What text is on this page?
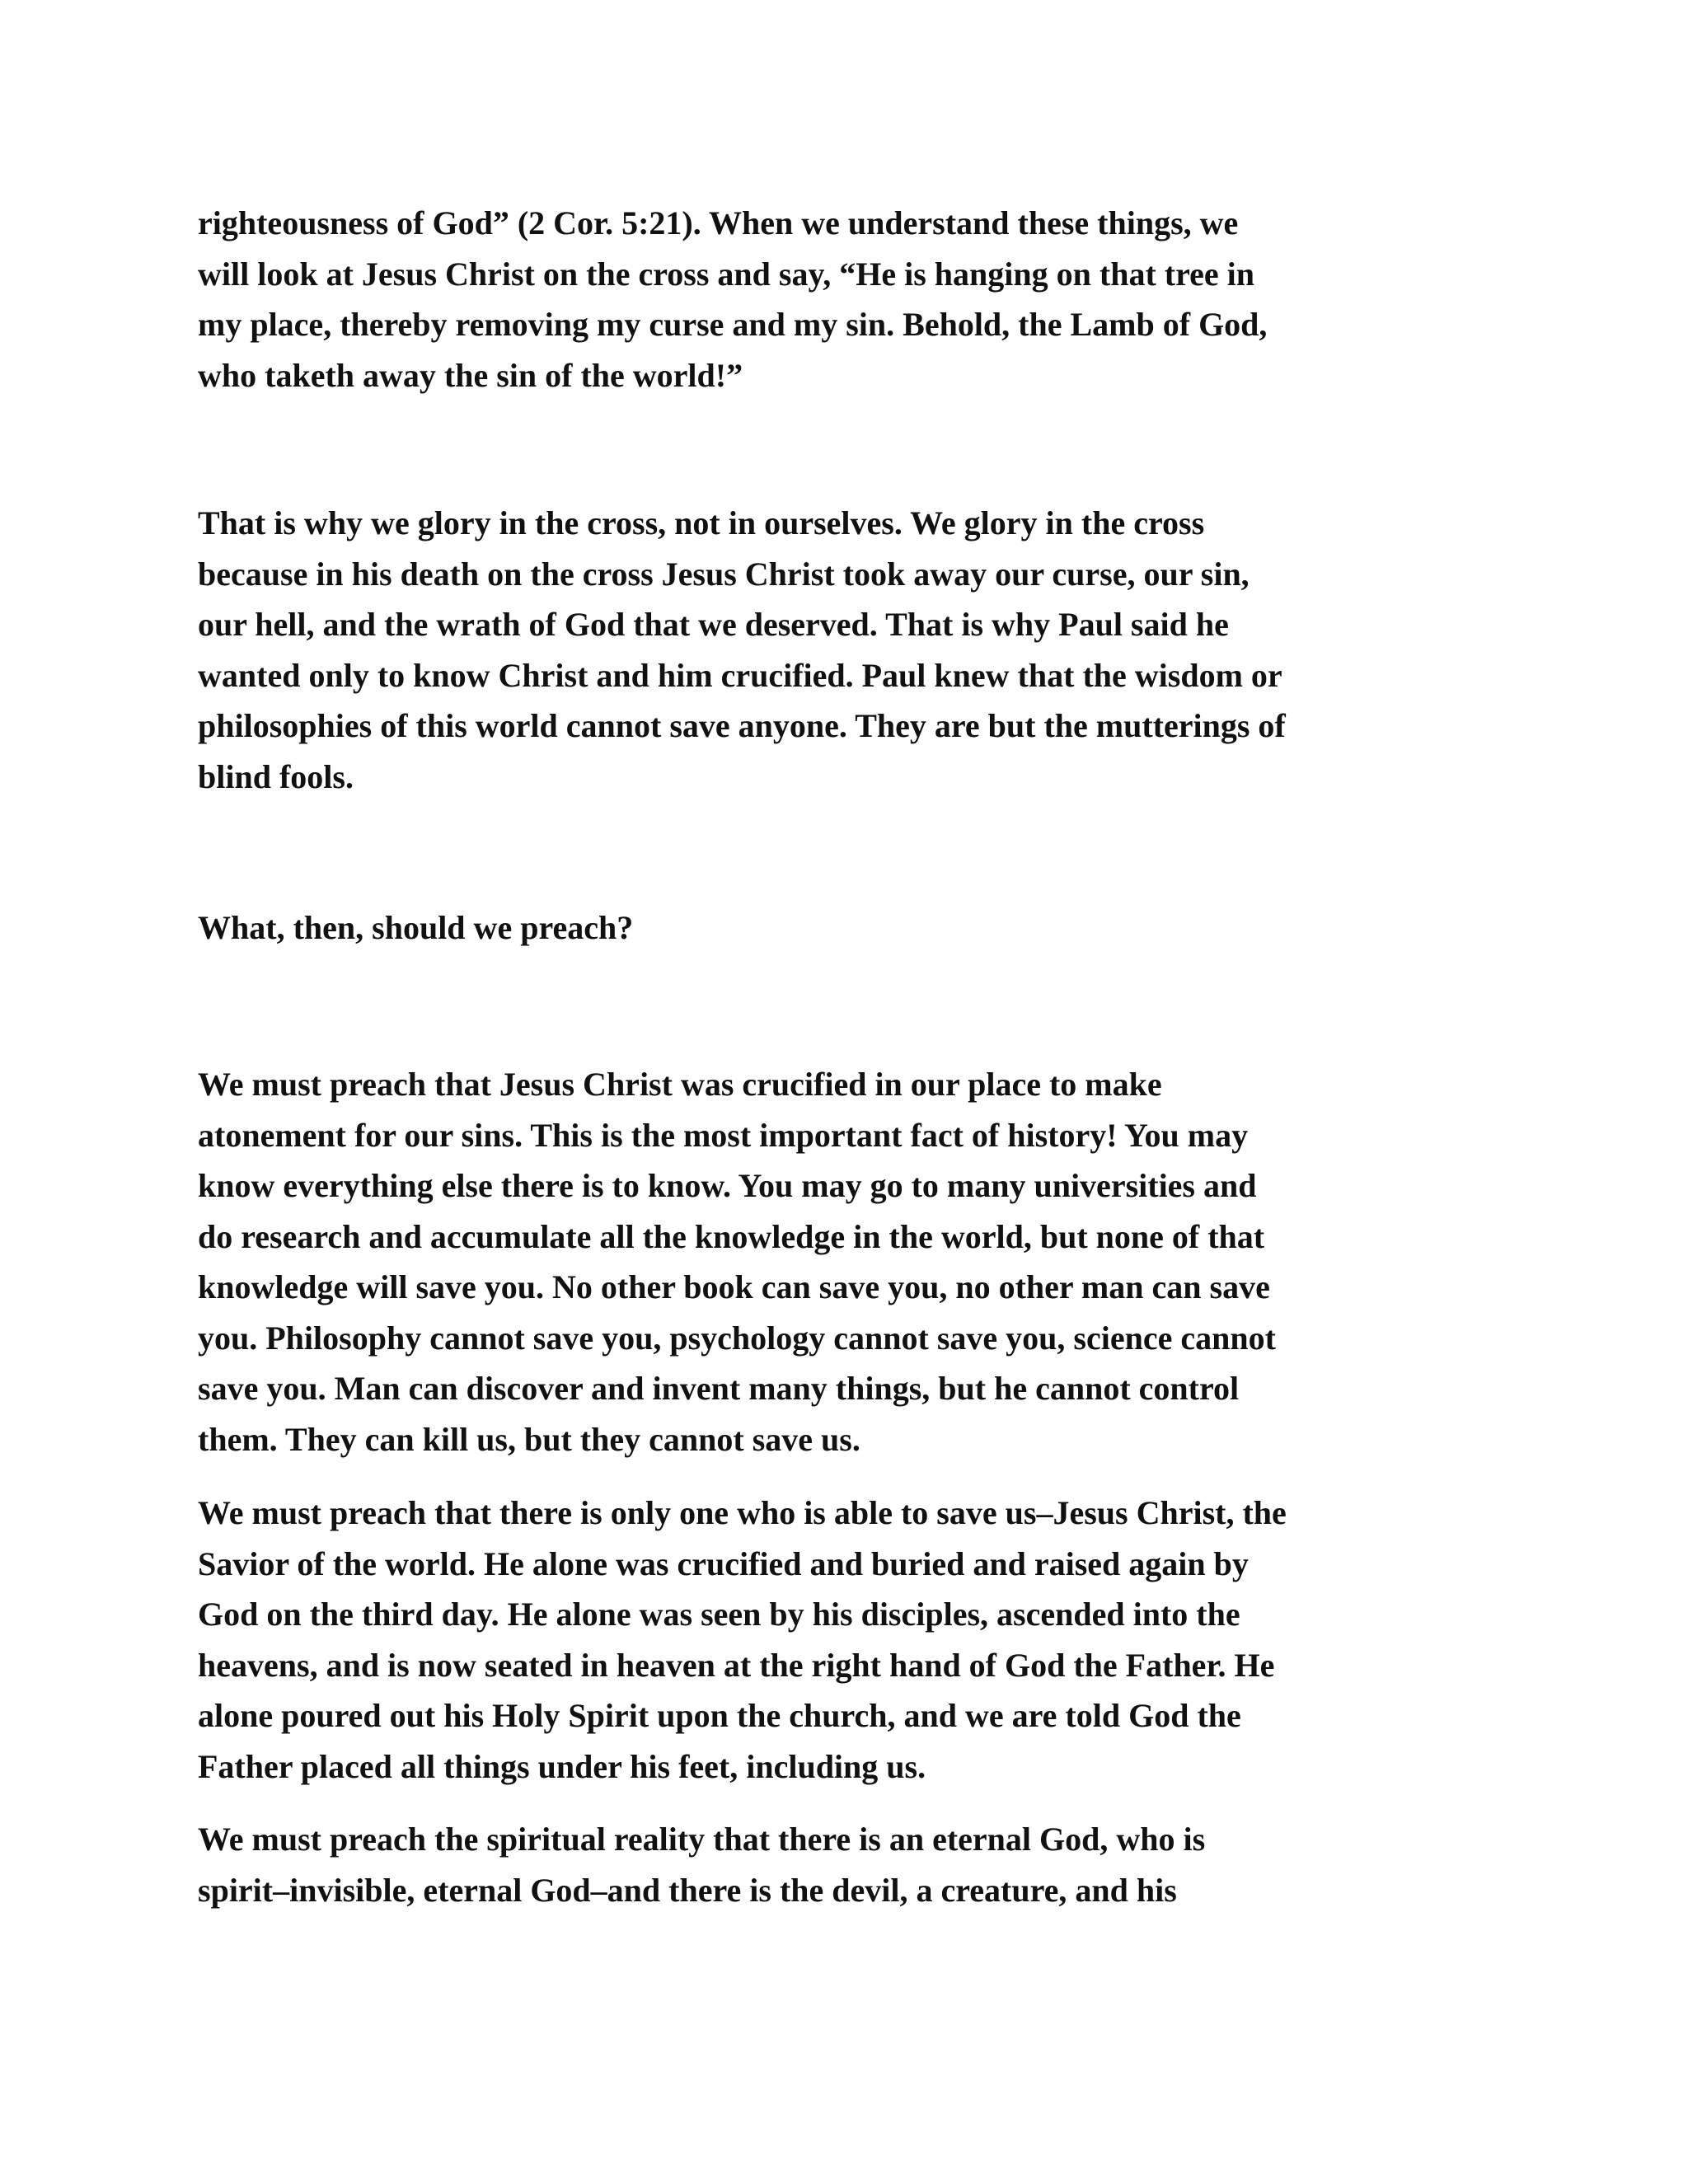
righteousness of God” (2 Cor. 5:21). When we understand these things, we
will look at Jesus Christ on the cross and say, “He is hanging on that tree in
my place, thereby removing my curse and my sin. Behold, the Lamb of God,
who taketh away the sin of the world!”

That is why we glory in the cross, not in ourselves. We glory in the cross
because in his death on the cross Jesus Christ took away our curse, our sin,
our hell, and the wrath of God that we deserved. That is why Paul said he
wanted only to know Christ and him crucified. Paul knew that the wisdom or
philosophies of this world cannot save anyone. They are but the mutterings of
blind fools.

What, then, should we preach?

We must preach that Jesus Christ was crucified in our place to make
atonement for our sins. This is the most important fact of history! You may
know everything else there is to know. You may go to many universities and
do research and accumulate all the knowledge in the world, but none of that
knowledge will save you. No other book can save you, no other man can save
you. Philosophy cannot save you, psychology cannot save you, science cannot
save you. Man can discover and invent many things, but he cannot control
them. They can kill us, but they cannot save us.

We must preach that there is only one who is able to save us–Jesus Christ, the
Savior of the world. He alone was crucified and buried and raised again by
God on the third day. He alone was seen by his disciples, ascended into the
heavens, and is now seated in heaven at the right hand of God the Father. He
alone poured out his Holy Spirit upon the church, and we are told God the
Father placed all things under his feet, including us.

We must preach the spiritual reality that there is an eternal God, who is
spirit–invisible, eternal God–and there is the devil, a creature, and his
